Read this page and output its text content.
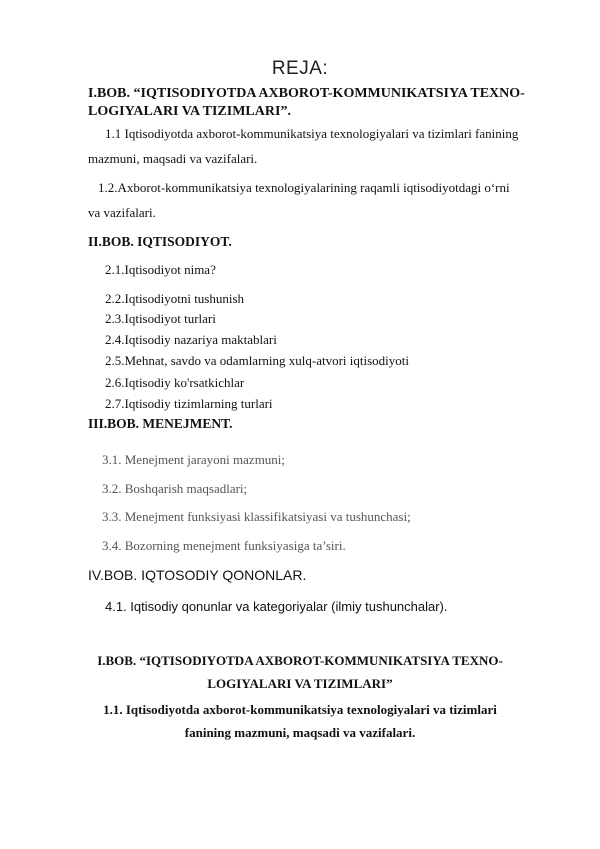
REJA:
I.BOB. “IQTISODIYOTDA AXBOROT-KOMMUNIKATSIYA TEXNO-
LOGIYALARI VA TIZIMLARI”.
1.1 Iqtisodiyotda axborot-kommunikatsiya texnologiyalari va tizimlari fanining
mazmuni, maqsadi va vazifalari.
1.2.Axborot-kommunikatsiya texnologiyalarining raqamli iqtisodiyotdagi o‘rni
va vazifalari.
II.BOB. IQTISODIYOT.
2.1.Iqtisodiyot nima?
2.2.Iqtisodiyotni tushunish
2.3.Iqtisodiyot turlari
2.4.Iqtisodiy nazariya maktablari
2.5.Mehnat, savdo va odamlarning xulq-atvori iqtisodiyoti
2.6.Iqtisodiy ko'rsatkichlar
2.7.Iqtisodiy tizimlarning turlari
III.BOB. MENEJMENT.
3.1. Menejment jarayoni mazmuni;
3.2. Boshqarish maqsadlari;
3.3. Menejment funksiyasi klassifikatsiyasi va tushunchasi;
3.4. Bozorning menejment funksiyasiga ta’siri.
IV.BOB. IQTOSODIY QONONLAR.
4.1. Iqtisodiy qonunlar va kategoriyalar (ilmiy tushunchalar).
I.BOB. “IQTISODIYOTDA AXBOROT-KOMMUNIKATSIYA TEXNO-
LOGIYALARI VA TIZIMLARI”
1.1. Iqtisodiyotda axborot-kommunikatsiya texnologiyalari va tizimlari
fanining mazmuni, maqsadi va vazifalari.
